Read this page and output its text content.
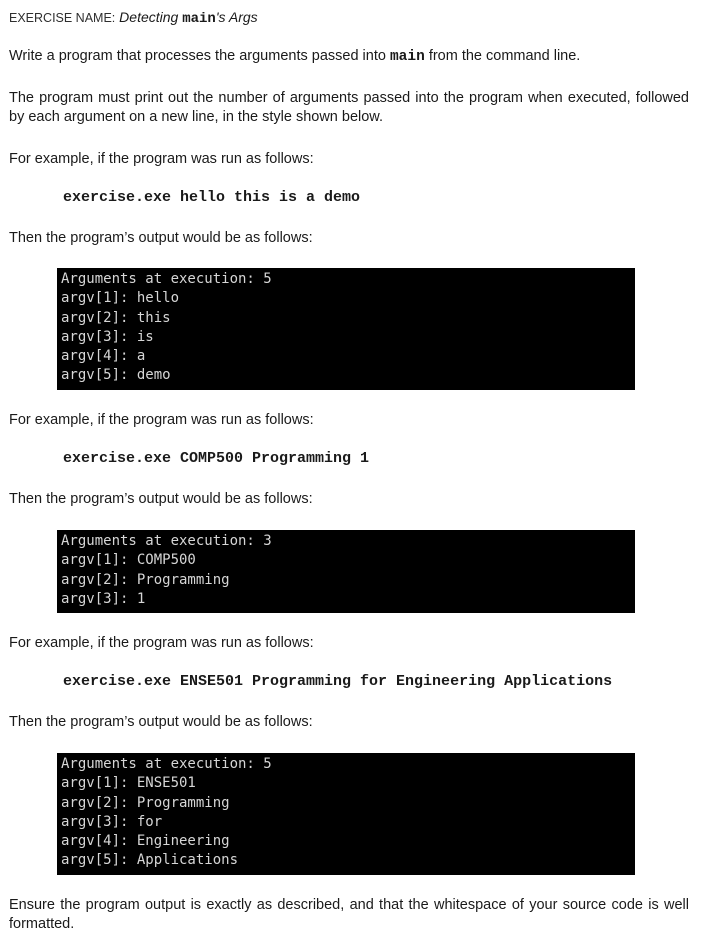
EXERCISE NAME: Detecting main's Args

Write a program that processes the arguments passed into main from the command line.

The program must print out the number of arguments passed into the program when executed, followed by each argument on a new line, in the style shown below.

For example, if the program was run as follows:

exercise.exe hello this is a demo

Then the program’s output would be as follows:

Arguments at execution: 5
argv[1]: hello
argv[2]: this
argv[3]: is
argv[4]: a
argv[5]: demo

For example, if the program was run as follows:

exercise.exe COMP500 Programming 1

Then the program’s output would be as follows:

Arguments at execution: 3
argv[1]: COMP500
argv[2]: Programming
argv[3]: 1

For example, if the program was run as follows:

exercise.exe ENSE501 Programming for Engineering Applications

Then the program’s output would be as follows:

Arguments at execution: 5
argv[1]: ENSE501
argv[2]: Programming
argv[3]: for
argv[4]: Engineering
argv[5]: Applications

Ensure the program output is exactly as described, and that the whitespace of your source code is well formatted.
